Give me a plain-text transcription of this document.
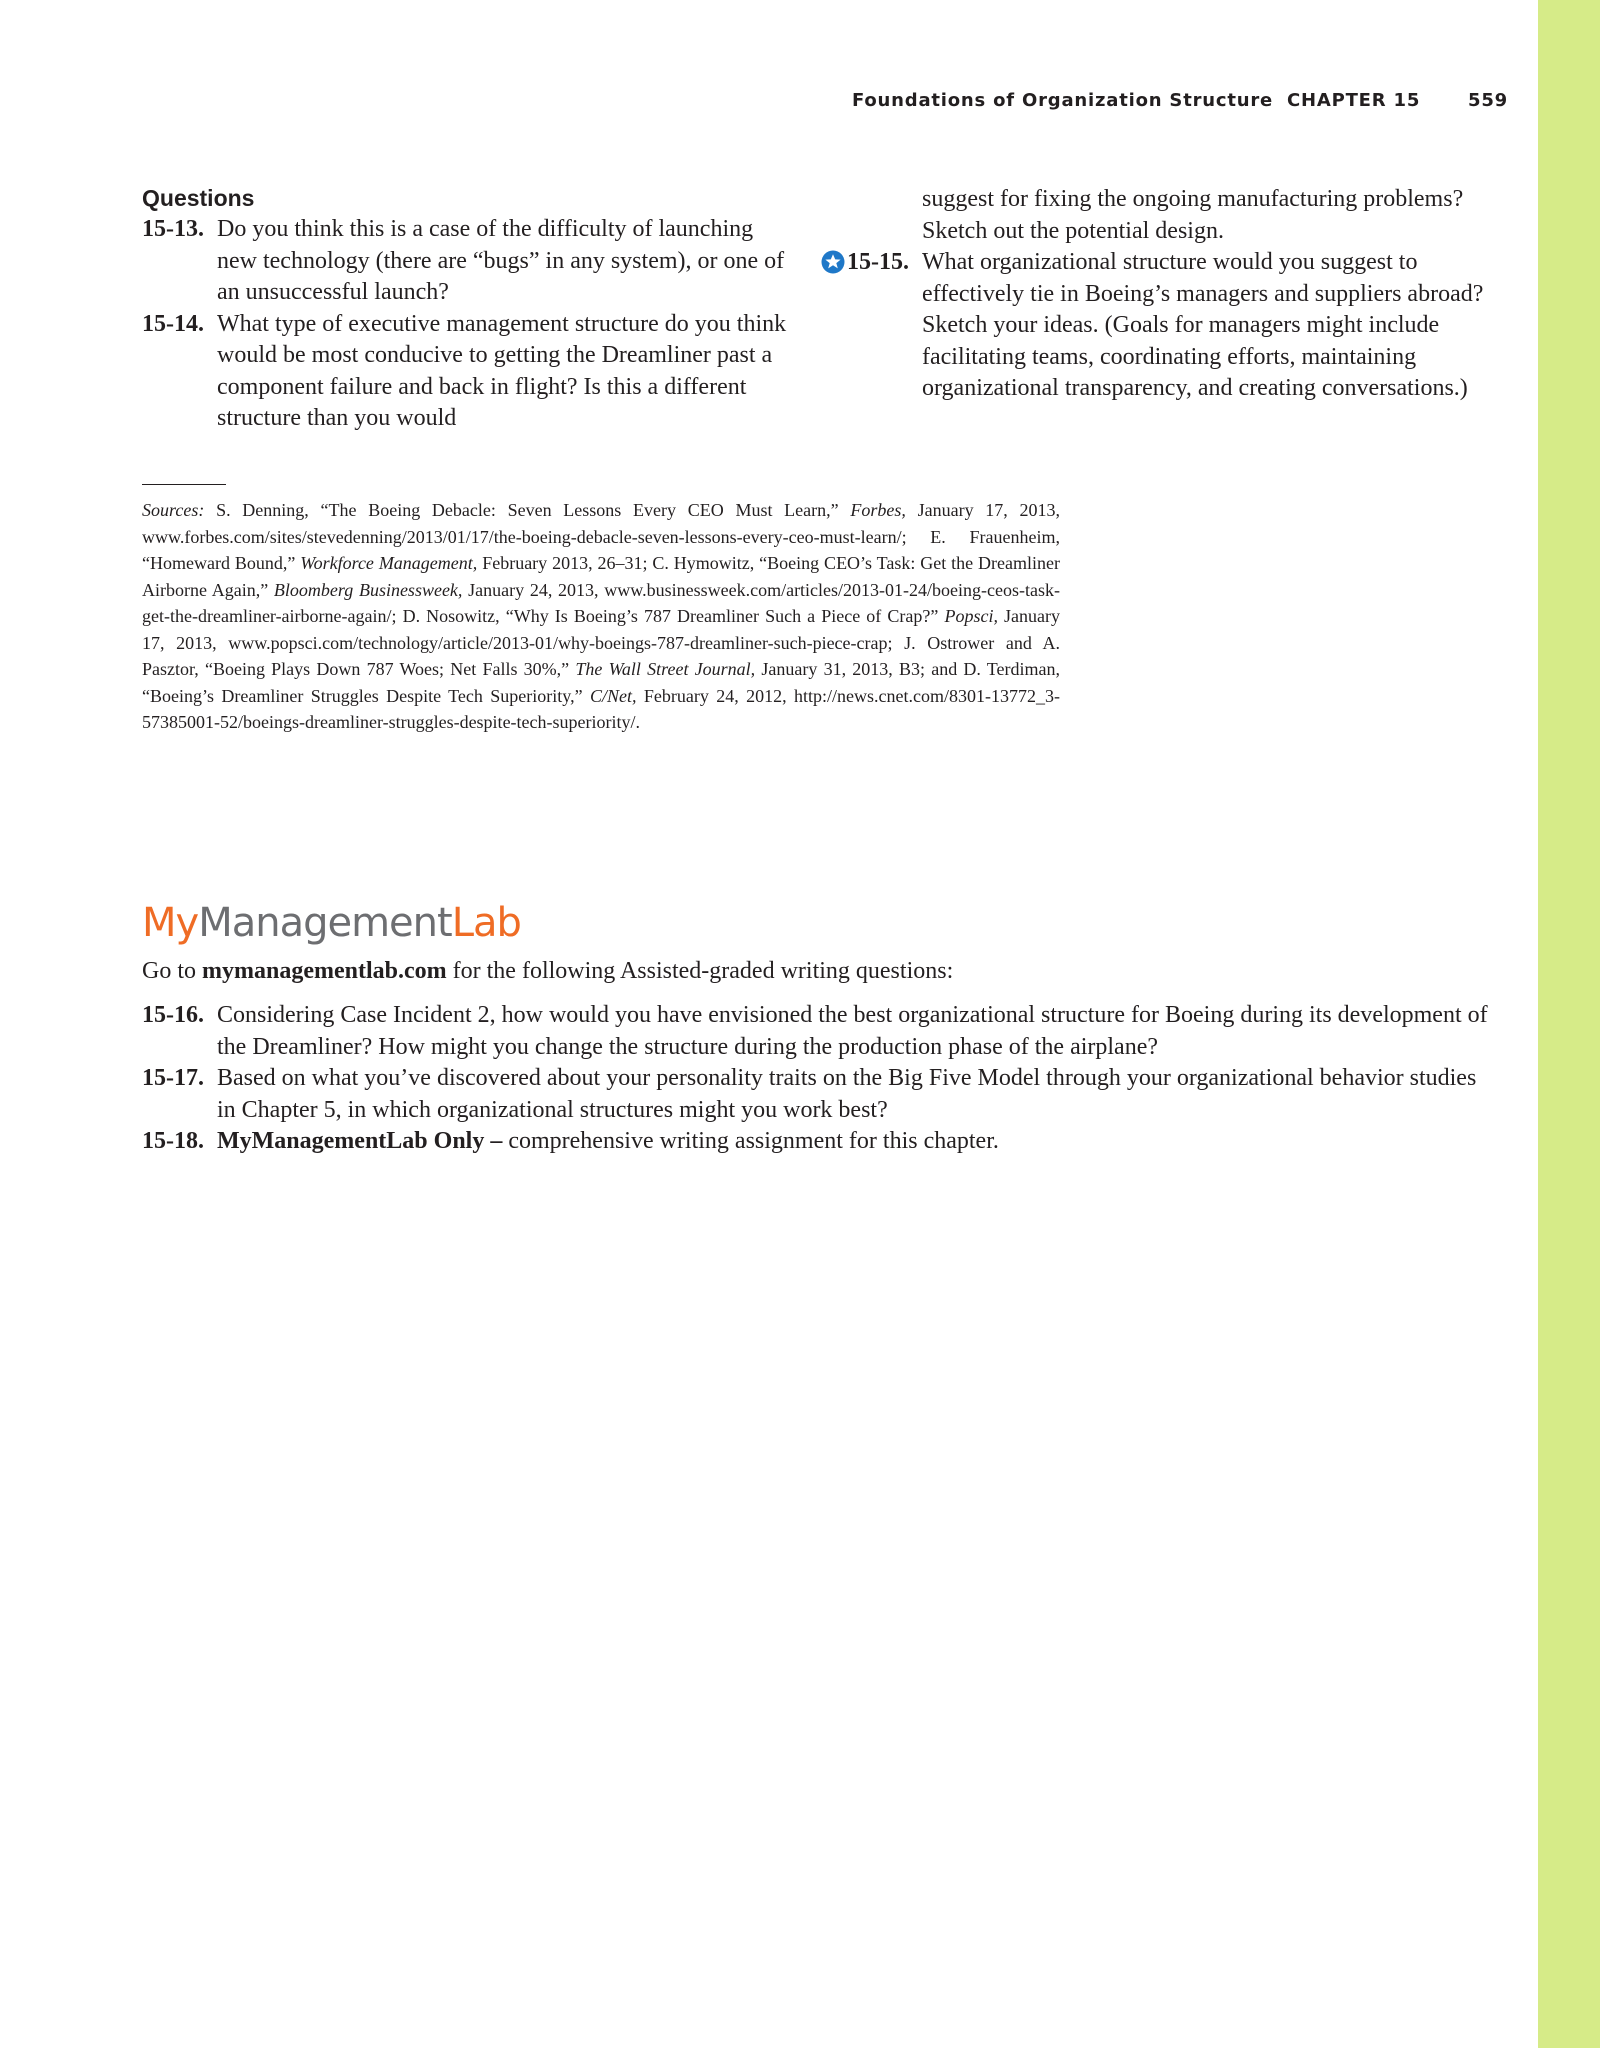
Foundations of Organization Structure CHAPTER 15	559
Questions
15-13. Do you think this is a case of the difficulty of launching new technology (there are “bugs” in any system), or one of an unsuccessful launch?
15-14. What type of executive management structure do you think would be most conducive to getting the Dreamliner past a component failure and back in flight? Is this a different structure than you would
suggest for fixing the ongoing manufacturing problems? Sketch out the potential design.
15-15. What organizational structure would you suggest to effectively tie in Boeing’s managers and suppliers abroad? Sketch your ideas. (Goals for managers might include facilitating teams, coordinating efforts, maintaining organizational transparency, and creating conversations.)

Sources: S. Denning, “The Boeing Debacle: Seven Lessons Every CEO Must Learn,” Forbes, January 17, 2013, www.forbes.com/sites/stevedenning/2013/01/17/the-boeing-debacle-seven-lessons-every-ceo-must-learn/; E. Frauenheim, “Homeward Bound,” Workforce Management, February 2013, 26–31; C. Hymowitz, “Boeing CEO’s Task: Get the Dreamliner Airborne Again,” Bloomberg Businessweek, January 24, 2013, www.businessweek.com/articles/2013-01-24/boeing-ceos-task-get-the-dreamliner-airborne-again/; D. Nosowitz, “Why Is Boeing’s 787 Dreamliner Such a Piece of Crap?” Popsci, January 17, 2013, www.popsci.com/technology/article/2013-01/why-boeings-787-dreamliner-such-piece-crap; J. Ostrower and A. Pasztor, “Boeing Plays Down 787 Woes; Net Falls 30%,” The Wall Street Journal, January 31, 2013, B3; and D. Terdiman, “Boeing’s Dreamliner Struggles Despite Tech Superiority,” C/Net, February 24, 2012, http://news.cnet.com/8301-13772_3-57385001-52/boeings-dreamliner-struggles-despite-tech-superiority/.

MyManagementLab

Go to mymanagementlab.com for the following Assisted-graded writing questions:

15-16. Considering Case Incident 2, how would you have envisioned the best organizational structure for Boeing during its development of the Dreamliner? How might you change the structure during the production phase of the airplane?
15-17. Based on what you’ve discovered about your personality traits on the Big Five Model through your organizational behavior studies in Chapter 5, in which organizational structures might you work best?
15-18. MyManagementLab Only – comprehensive writing assignment for this chapter.
